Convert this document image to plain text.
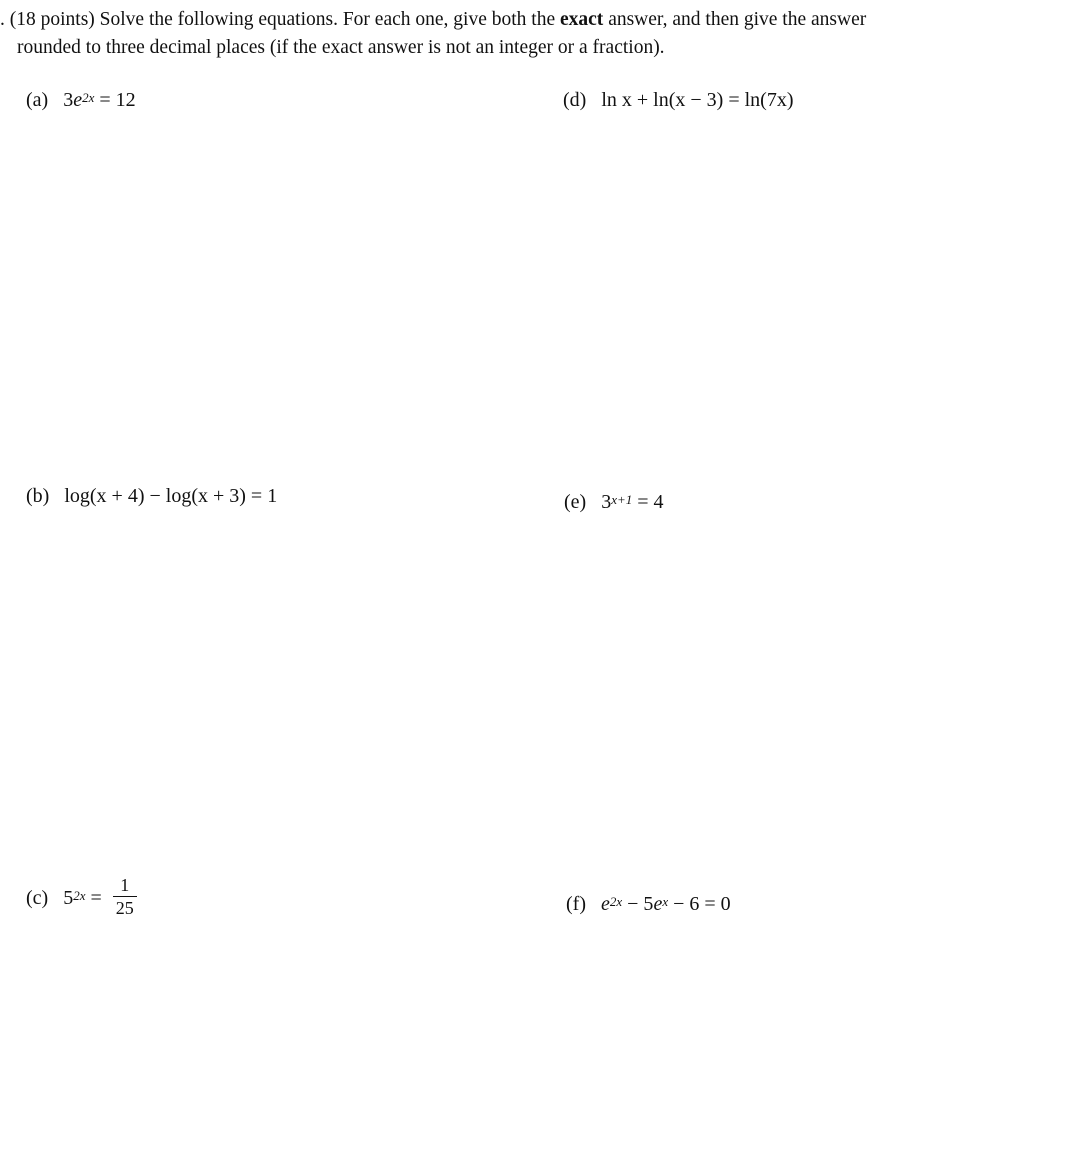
. (18 points) Solve the following equations. For each one, give both the exact answer, and then give the answer
rounded to three decimal places (if the exact answer is not an integer or a fraction).
(a) $3e^{2x} = 12$
(b) log(x + 4) − log(x + 3) = 1
(c) $5^{2x} = \frac{1}{25}$
(d) ln x + ln(x − 3) = ln(7x)
(e) $3^{x+1} = 4$
(f) $e^{2x} - 5e^x - 6 = 0$
